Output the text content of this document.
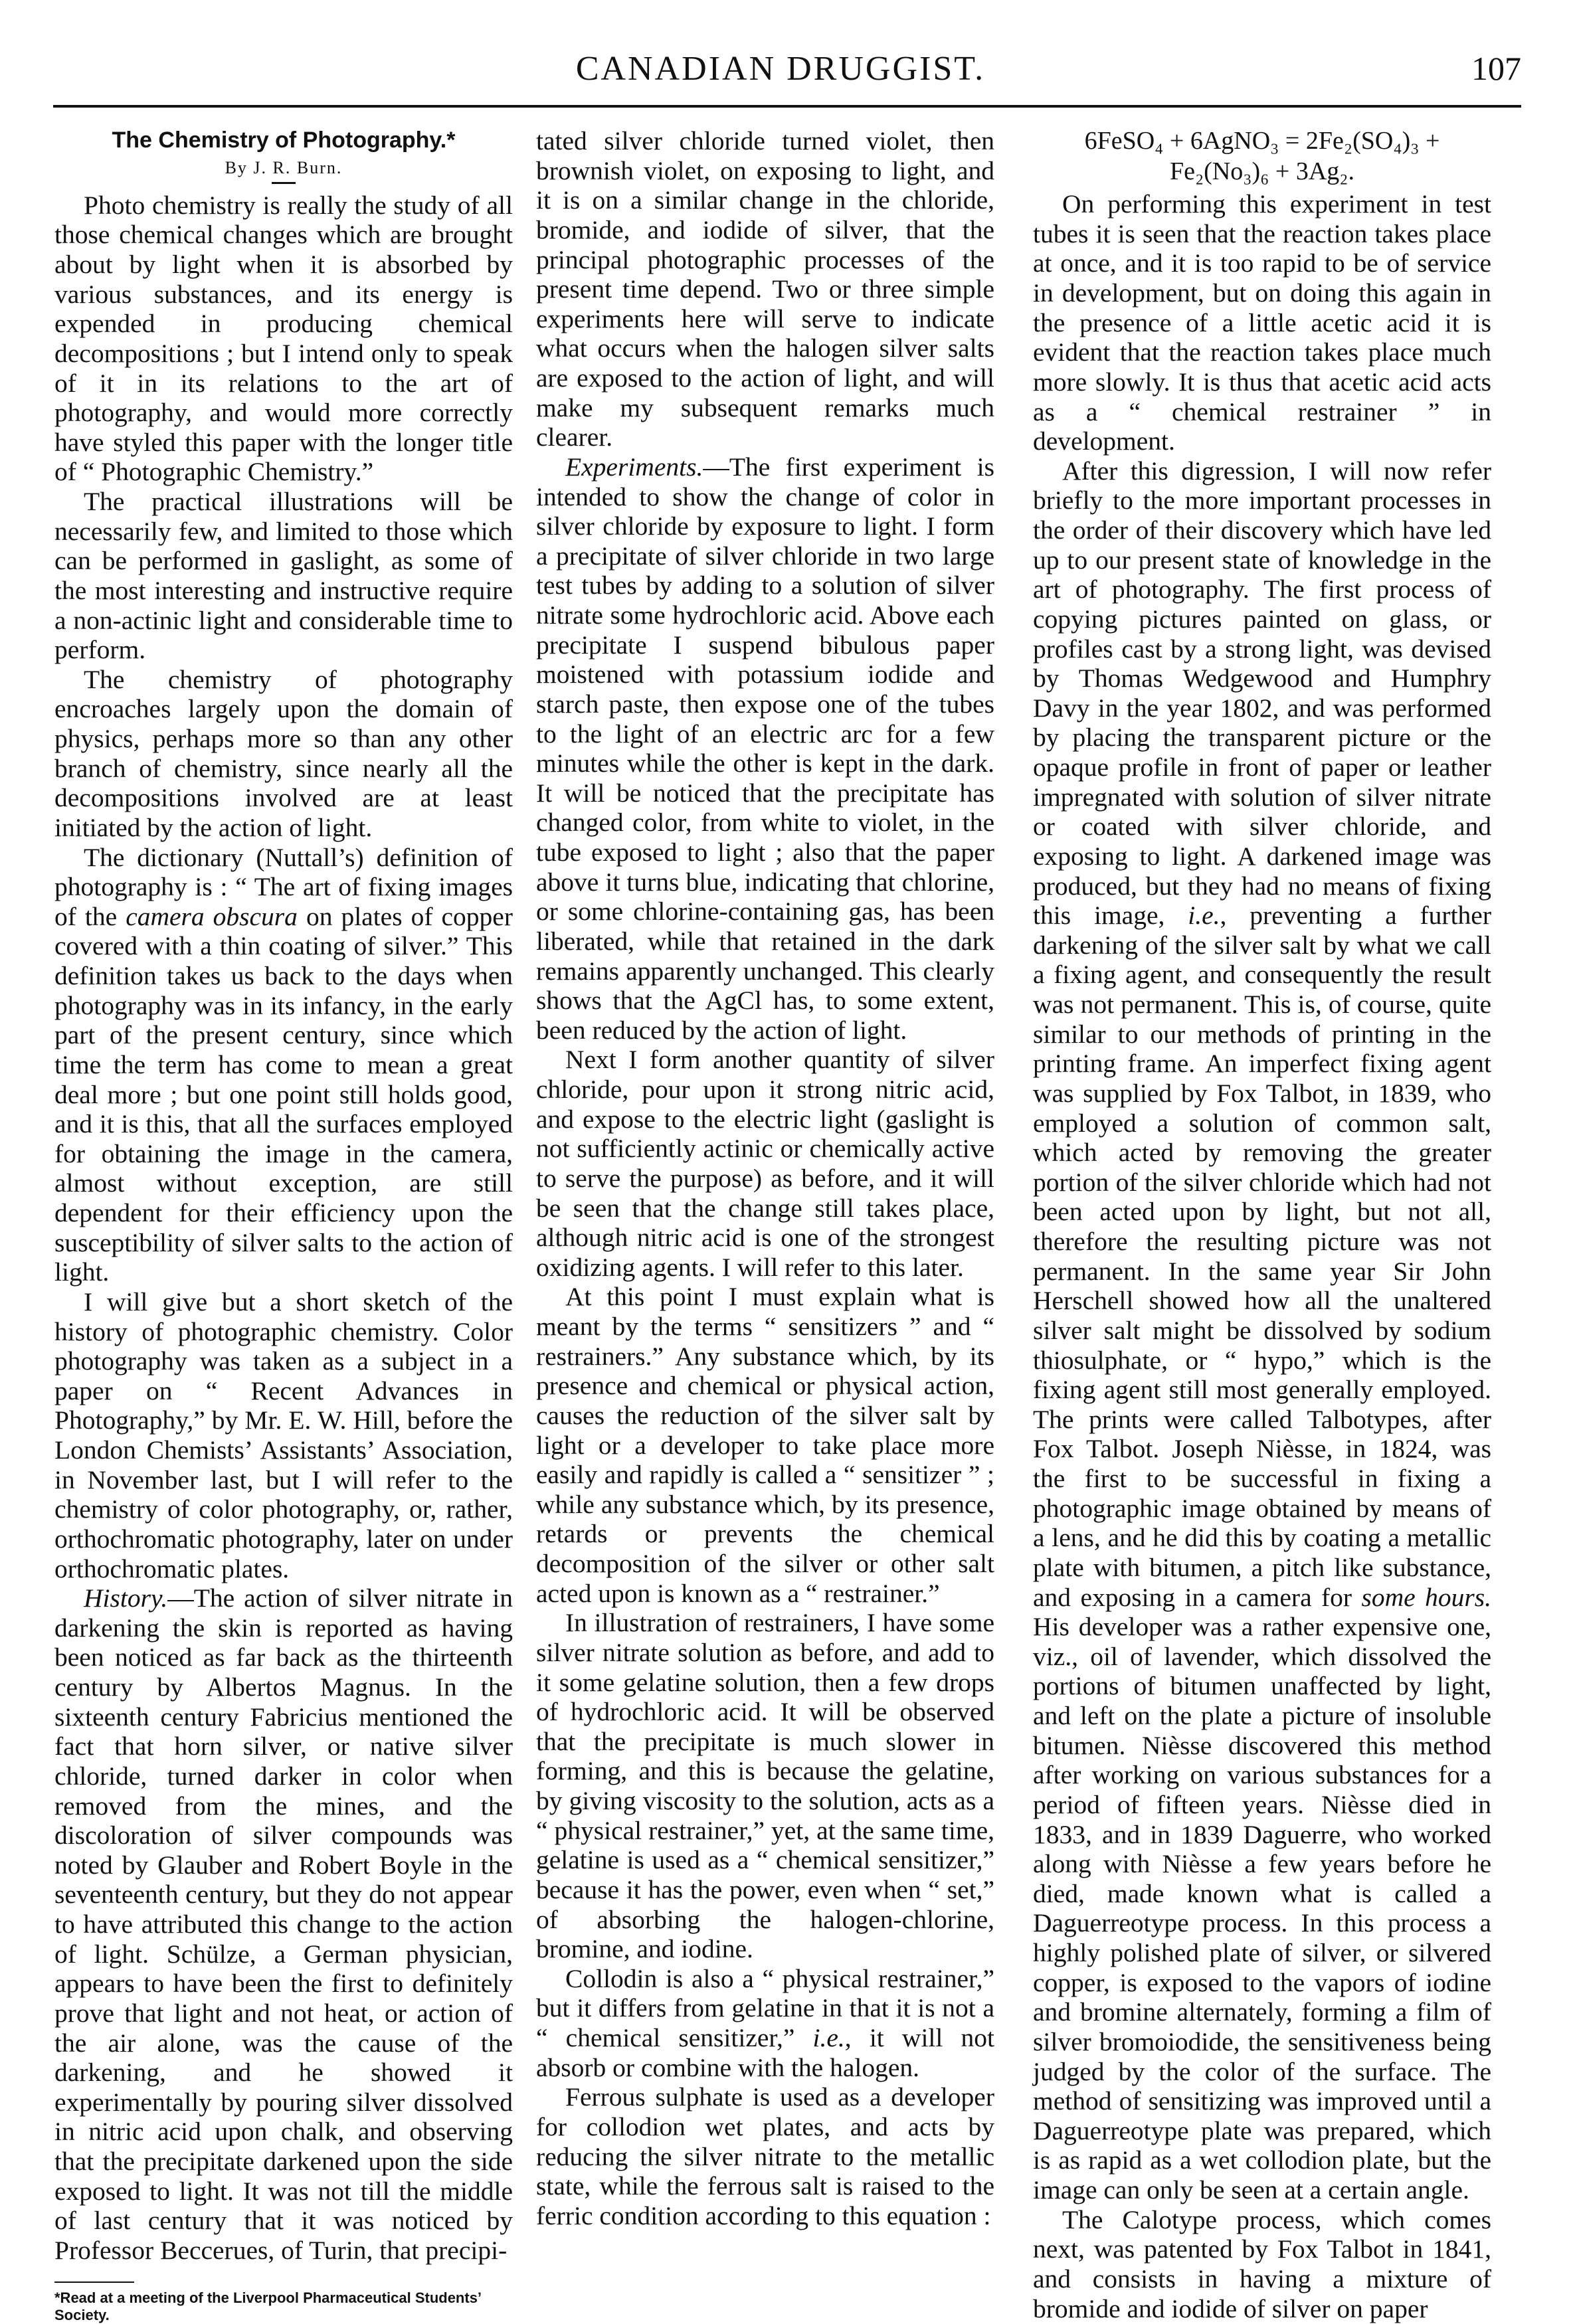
CANADIAN DRUGGIST.	107
The Chemistry of Photography.*
By J. R. Burn.

Photo chemistry is really the study of all those chemical changes which are brought about by light when it is absorbed by various substances, and its energy is expended in producing chemical decompositions ; but I intend only to speak of it in its relations to the art of photography, and would more correctly have styled this paper with the longer title of “ Photographic Chemistry.”

The practical illustrations will be necessarily few, and limited to those which can be performed in gaslight, as some of the most interesting and instructive require a non-actinic light and considerable time to perform.

The chemistry of photography encroaches largely upon the domain of physics, perhaps more so than any other branch of chemistry, since nearly all the decompositions involved are at least initiated by the action of light.

The dictionary (Nuttall’s) definition of photography is : “ The art of fixing images of the camera obscura on plates of copper covered with a thin coating of silver.” This definition takes us back to the days when photography was in its infancy, in the early part of the present century, since which time the term has come to mean a great deal more ; but one point still holds good, and it is this, that all the surfaces employed for obtaining the image in the camera, almost without exception, are still dependent for their efficiency upon the susceptibility of silver salts to the action of light.

I will give but a short sketch of the history of photographic chemistry. Color photography was taken as a subject in a paper on “ Recent Advances in Photography,” by Mr. E. W. Hill, before the London Chemists’ Assistants’ Association, in November last, but I will refer to the chemistry of color photography, or, rather, orthochromatic photography, later on under orthochromatic plates.

History.—The action of silver nitrate in darkening the skin is reported as having been noticed as far back as the thirteenth century by Albertos Magnus. In the sixteenth century Fabricius mentioned the fact that horn silver, or native silver chloride, turned darker in color when removed from the mines, and the discoloration of silver compounds was noted by Glauber and Robert Boyle in the seventeenth century, but they do not appear to have attributed this change to the action of light. Schülze, a German physician, appears to have been the first to definitely prove that light and not heat, or action of the air alone, was the cause of the darkening, and he showed it experimentally by pouring silver dissolved in nitric acid upon chalk, and observing that the precipitate darkened upon the side exposed to light. It was not till the middle of last century that it was noticed by Professor Beccerues, of Turin, that precipi-

*Read at a meeting of the Liverpool Pharmaceutical Students’ Society.

tated silver chloride turned violet, then brownish violet, on exposing to light, and it is on a similar change in the chloride, bromide, and iodide of silver, that the principal photographic processes of the present time depend. Two or three simple experiments here will serve to indicate what occurs when the halogen silver salts are exposed to the action of light, and will make my subsequent remarks much clearer.

Experiments.—The first experiment is intended to show the change of color in silver chloride by exposure to light. I form a precipitate of silver chloride in two large test tubes by adding to a solution of silver nitrate some hydrochloric acid. Above each precipitate I suspend bibulous paper moistened with potassium iodide and starch paste, then expose one of the tubes to the light of an electric arc for a few minutes while the other is kept in the dark. It will be noticed that the precipitate has changed color, from white to violet, in the tube exposed to light ; also that the paper above it turns blue, indicating that chlorine, or some chlorine-containing gas, has been liberated, while that retained in the dark remains apparently unchanged. This clearly shows that the AgCl has, to some extent, been reduced by the action of light.

Next I form another quantity of silver chloride, pour upon it strong nitric acid, and expose to the electric light (gaslight is not sufficiently actinic or chemically active to serve the purpose) as before, and it will be seen that the change still takes place, although nitric acid is one of the strongest oxidizing agents. I will refer to this later.

At this point I must explain what is meant by the terms “ sensitizers ” and “ restrainers.” Any substance which, by its presence and chemical or physical action, causes the reduction of the silver salt by light or a developer to take place more easily and rapidly is called a “ sensitizer ” ; while any substance which, by its presence, retards or prevents the chemical decomposition of the silver or other salt acted upon is known as a “ restrainer.”

In illustration of restrainers, I have some silver nitrate solution as before, and add to it some gelatine solution, then a few drops of hydrochloric acid. It will be observed that the precipitate is much slower in forming, and this is because the gelatine, by giving viscosity to the solution, acts as a “ physical restrainer,” yet, at the same time, gelatine is used as a “ chemical sensitizer,” because it has the power, even when “ set,” of absorbing the halogen-chlorine, bromine, and iodine.

Collodin is also a “ physical restrainer,” but it differs from gelatine in that it is not a “ chemical sensitizer,” i.e., it will not absorb or combine with the halogen.

Ferrous sulphate is used as a developer for collodion wet plates, and acts by reducing the silver nitrate to the metallic state, while the ferrous salt is raised to the ferric condition according to this equation :

6FeSO₄ + 6AgNO₃ = 2Fe₂(SO₄)₃ + Fe₂(No₃)₆ + 3Ag₂.

On performing this experiment in test tubes it is seen that the reaction takes place at once, and it is too rapid to be of service in development, but on doing this again in the presence of a little acetic acid it is evident that the reaction takes place much more slowly. It is thus that acetic acid acts as a “ chemical restrainer ” in development.

After this digression, I will now refer briefly to the more important processes in the order of their discovery which have led up to our present state of knowledge in the art of photography. The first process of copying pictures painted on glass, or profiles cast by a strong light, was devised by Thomas Wedgewood and Humphry Davy in the year 1802, and was performed by placing the transparent picture or the opaque profile in front of paper or leather impregnated with solution of silver nitrate or coated with silver chloride, and exposing to light. A darkened image was produced, but they had no means of fixing this image, i.e., preventing a further darkening of the silver salt by what we call a fixing agent, and consequently the result was not permanent. This is, of course, quite similar to our methods of printing in the printing frame. An imperfect fixing agent was supplied by Fox Talbot, in 1839, who employed a solution of common salt, which acted by removing the greater portion of the silver chloride which had not been acted upon by light, but not all, therefore the resulting picture was not permanent. In the same year Sir John Herschell showed how all the unaltered silver salt might be dissolved by sodium thiosulphate, or “ hypo,” which is the fixing agent still most generally employed. The prints were called Talbotypes, after Fox Talbot. Joseph Nièsse, in 1824, was the first to be successful in fixing a photographic image obtained by means of a lens, and he did this by coating a metallic plate with bitumen, a pitch like substance, and exposing in a camera for some hours. His developer was a rather expensive one, viz., oil of lavender, which dissolved the portions of bitumen unaffected by light, and left on the plate a picture of insoluble bitumen. Nièsse discovered this method after working on various substances for a period of fifteen years. Nièsse died in 1833, and in 1839 Daguerre, who worked along with Nièsse a few years before he died, made known what is called a Daguerreotype process. In this process a highly polished plate of silver, or silvered copper, is exposed to the vapors of iodine and bromine alternately, forming a film of silver bromoiodide, the sensitiveness being judged by the color of the surface. The method of sensitizing was improved until a Daguerreotype plate was prepared, which is as rapid as a wet collodion plate, but the image can only be seen at a certain angle.

The Calotype process, which comes next, was patented by Fox Talbot in 1841, and consists in having a mixture of bromide and iodide of silver on paper
